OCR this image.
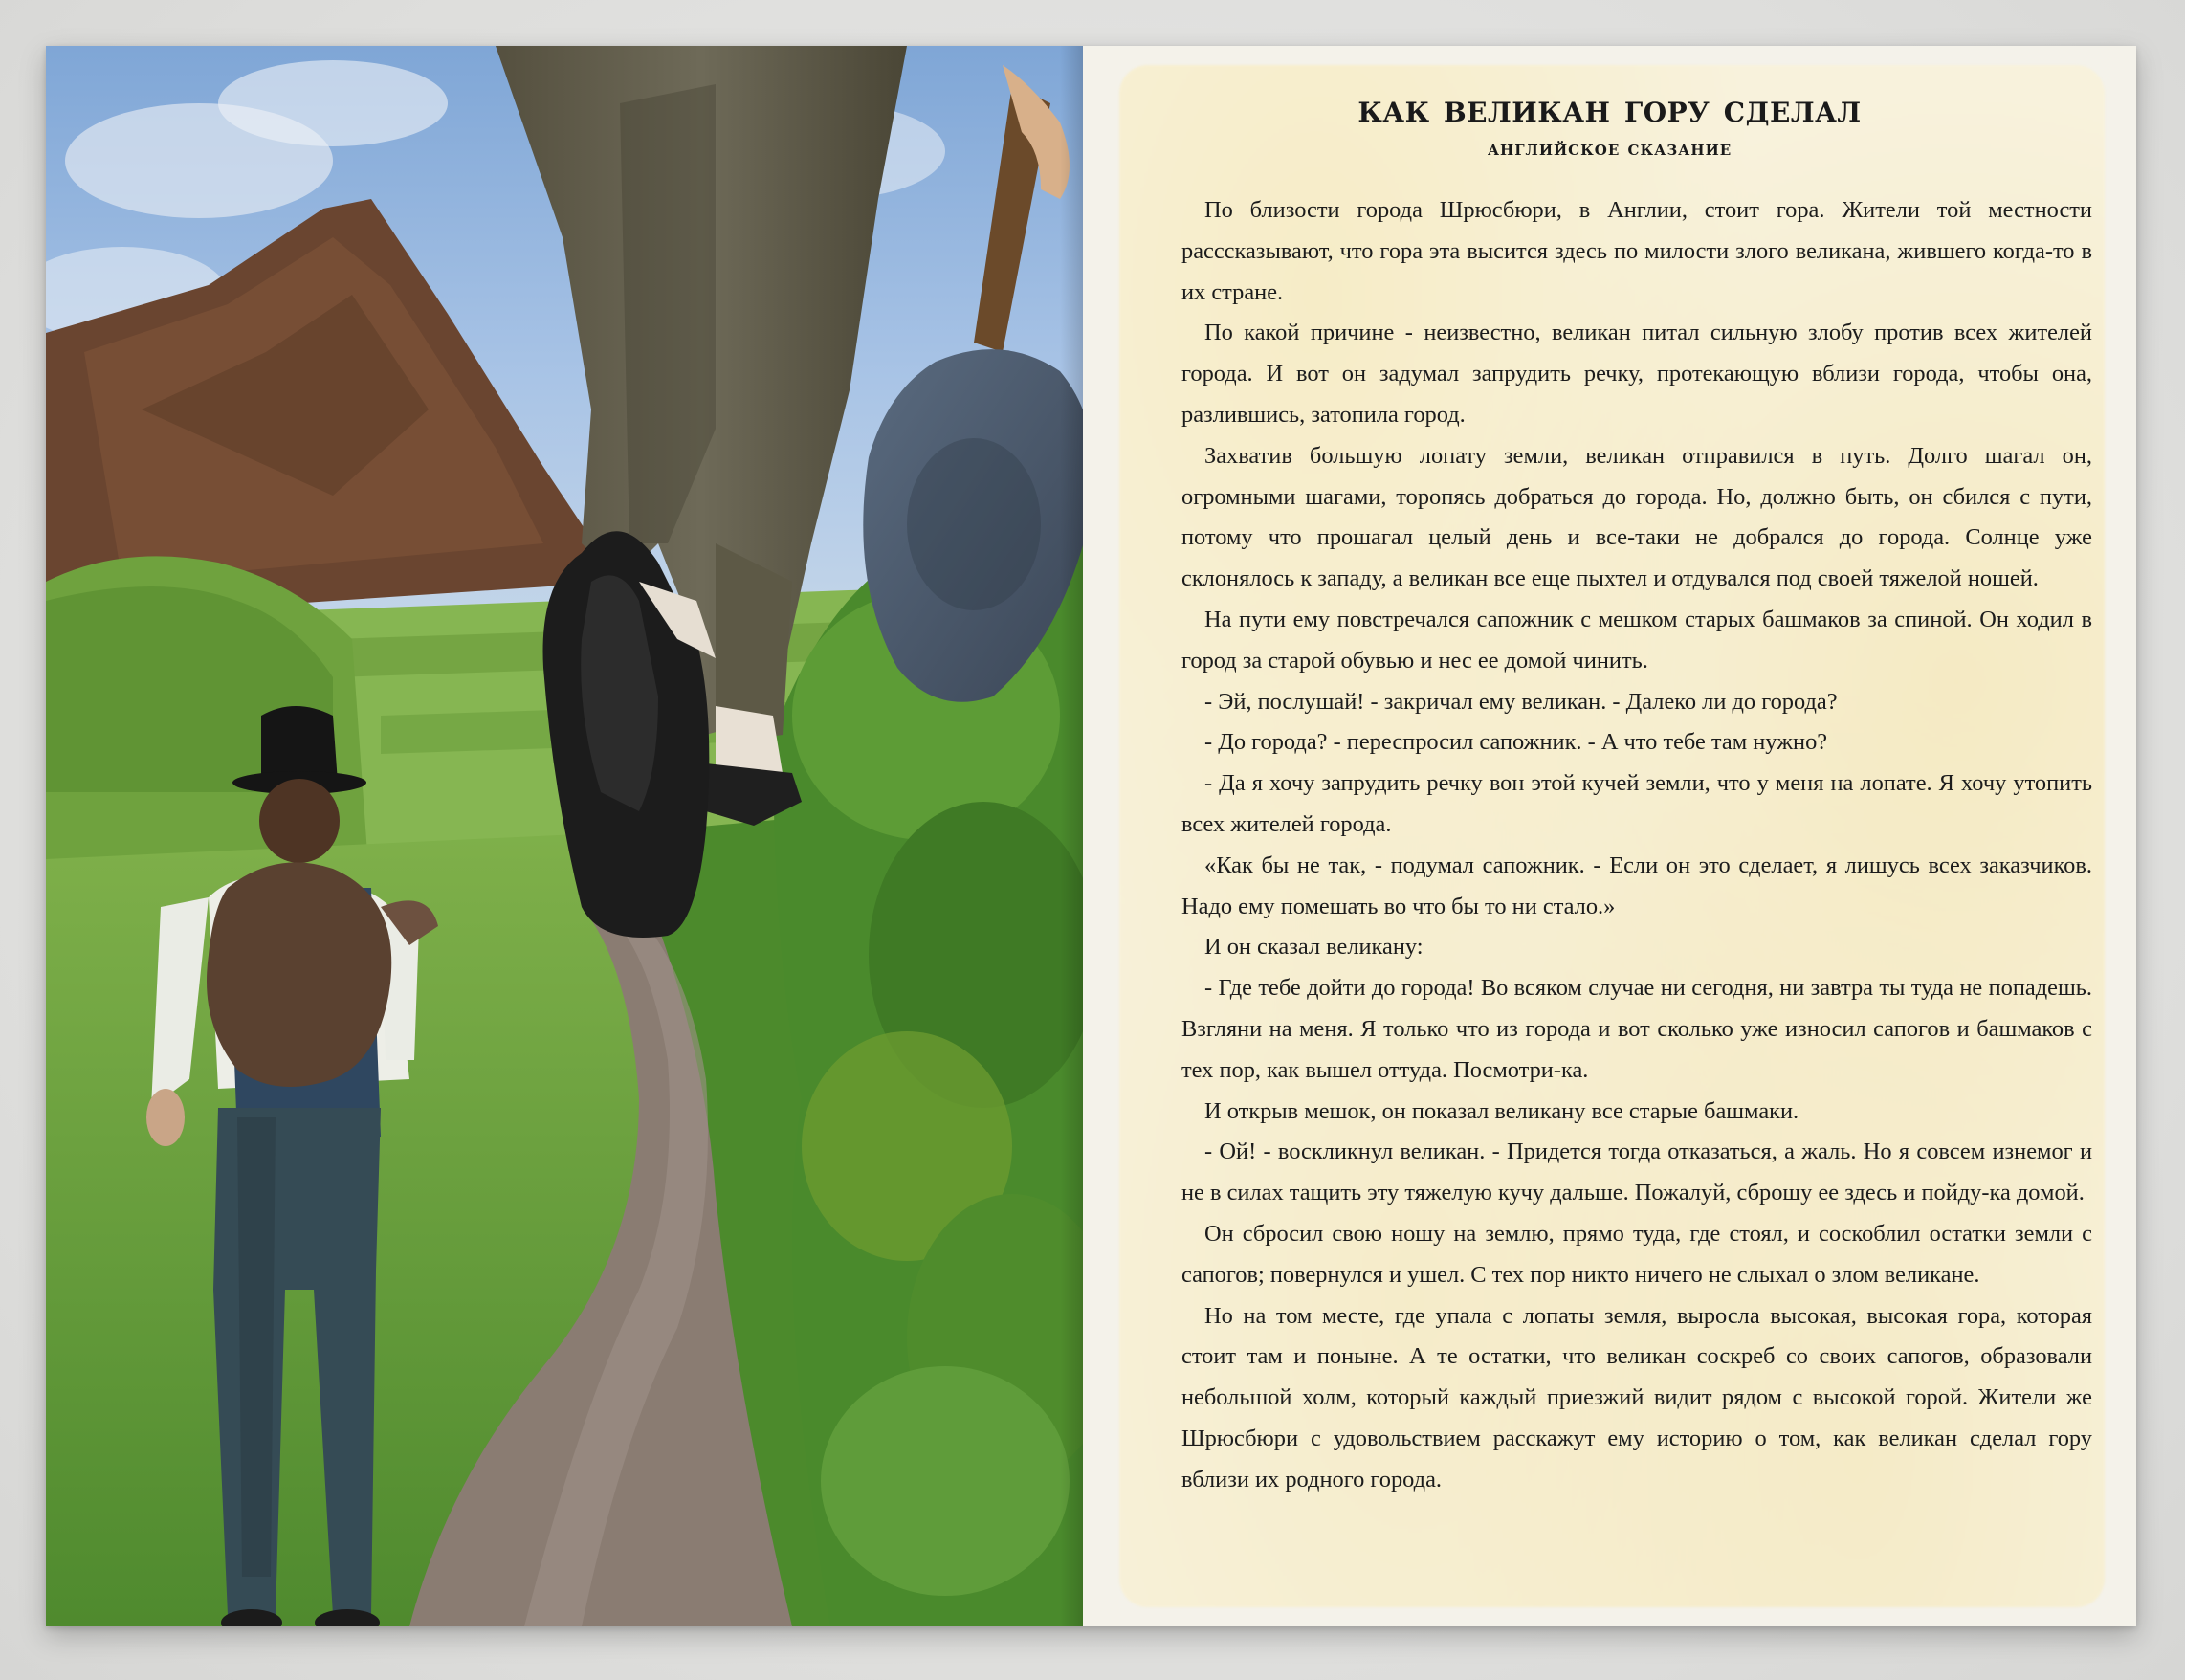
как великан гору сделал
английское сказание

По близости города Шрюсбюри, в Англии, стоит гора. Жители той местности рассcказывают, что гора эта высится здесь по милости злого великана, жившего когда-то в их стране.

По какой причине - неизвестно, великан питал сильную злобу против всех жителей города. И вот он задумал запрудить речку, протекающую вблизи города, чтобы она, разлившись, затопила город.

Захватив большую лопату земли, великан отправился в путь. Долго шагал он, огромными шагами, торопясь добраться до города. Но, должно быть, он сбился с пути, потому что прошагал целый день и все-таки не добрался до города. Солнце уже склонялось к западу, а великан все еще пыхтел и отдувался под своей тяжелой ношей.

На пути ему повстречался сапожник с мешком старых башмаков за спиной. Он ходил в город за старой обувью и нес ее домой чинить.

- Эй, послушай! - закричал ему великан. - Далеко ли до города?

- До города? - переспросил сапожник. - А что тебе там нужно?

- Да я хочу запрудить речку вон этой кучей земли, что у меня на лопате. Я хочу утопить всех жителей города.

«Как бы не так, - подумал сапожник. - Если он это сделает, я лишусь всех заказчиков. Надо ему помешать во что бы то ни стало.»

И он сказал великану:

- Где тебе дойти до города! Во всяком случае ни сегодня, ни завтра ты туда не попадешь. Взгляни на меня. Я только что из города и вот сколько уже износил сапогов и башмаков с тех пор, как вышел оттуда. Посмотри-ка.

И открыв мешок, он показал великану все старые башмаки.

- Ой! - воскликнул великан. - Придется тогда отказаться, а жаль. Но я совсем изнемог и не в силах тащить эту тяжелую кучу дальше. Пожалуй, сброшу ее здесь и пойду-ка домой.

Он сбросил свою ношу на землю, прямо туда, где стоял, и соскоблил остатки земли с сапогов; повернулся и ушел. С тех пор никто ничего не слыхал о злом великане.

Но на том месте, где упала с лопаты земля, выросла высокая, высокая гора, которая стоит там и поныне. А те остатки, что великан соскреб со своих сапогов, образовали небольшой холм, который каждый приезжий видит рядом с высокой горой. Жители же Шрюсбюри с удовольствием расскажут ему историю о том, как великан сделал гору вблизи их родного города.
